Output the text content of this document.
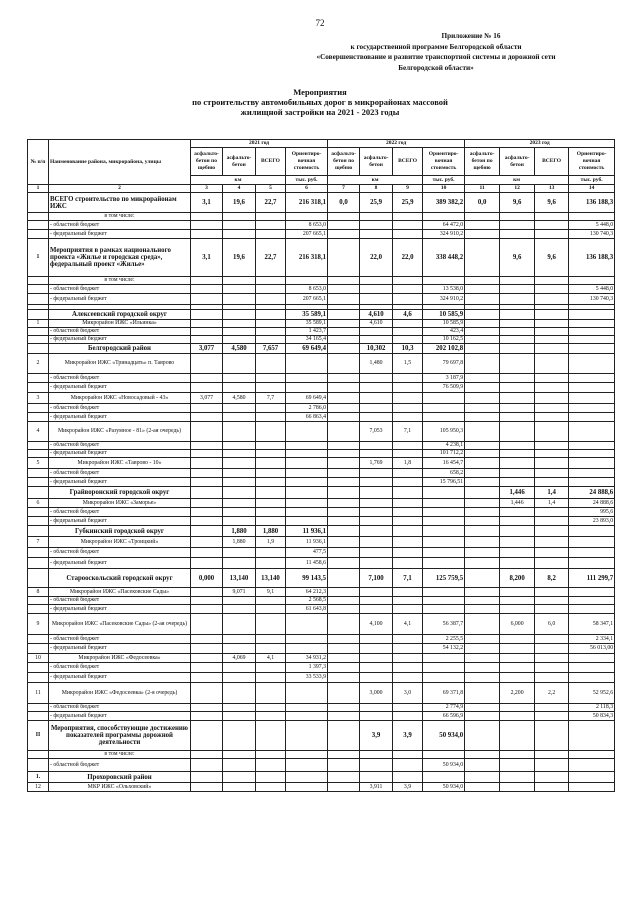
72
Приложение № 16
к государственной программе Белгородской области
«Совершенствование и развитие транспортной системы и дорожной сети
Белгородской области»
Мероприятия
по строительству автомобильных дорог в микрорайонах массовой
жилищной застройки на 2021 - 2023 годы
№ п/п	Наименование района, микрорайона, улицы	2021 год				2022 год				2023 год			
		асфальто-бетон по щебню	асфальто-бетон	ВСЕГО	Ориентиро-вочная стоимость	асфальто-бетон по щебню	асфальто-бетон	ВСЕГО	Ориентиро-вочная стоимость	асфальто-бетон по щебню	асфальто-бетон	ВСЕГО	Ориентиро-вочная стоимость
		км			тыс. руб.	км			тыс. руб.	км			тыс. руб.
1	2	3	4	5	6	7	8	9	10	11	12	13	14
	ВСЕГО строительство по микрорайонам ИЖС	3,1	19,6	22,7	216 318,1	0,0	25,9	25,9	389 382,2	0,0	9,6	9,6	136 188,3
	в том числе:												
	- областной бюджет				8 653,0				64 472,0				5 448,0
	- федеральный бюджет				207 665,1				324 910,2				130 740,3
1	Мероприятия в рамках национального проекта «Жилье и городская среда», федеральный проект «Жилье»	3,1	19,6	22,7	216 318,1		22,0	22,0	338 448,2		9,6	9,6	136 188,3
	в том числе:												
	- областной бюджет				8 653,0				13 538,0				5 448,0
	- федеральный бюджет				207 665,1				324 910,2				130 740,3

	Алексеевский городской округ				35 589,1		4,610	4,6	10 585,9				
1	Микрорайон ИЖС «Ильинка»				35 589,1		4,610		10 585,9				
	- областной бюджет				1 423,7				423,4				
	- федеральный бюджет				34 165,4				10 162,5				
	Белгородский район	3,077	4,580	7,657	69 649,4		10,302	10,3	202 102,8				
2	Микрорайон ИЖС «Тринадцать» п. Таврово						1,480	1,5	79 697,8				
	- областной бюджет								3 187,9				
	- федеральный бюджет								76 509,9				
3	Микрорайон ИЖС «Новосадовый - 43»	3,077	4,580	7,7	69 649,4								
	- областной бюджет				2 786,0								
	- федеральный бюджет				66 863,4								
4	Микрорайон ИЖС «Разумное - 81» (2-ая очередь)						7,053	7,1	105 950,3				
	- областной бюджет								4 238,1				
	- федеральный бюджет								101 712,2				
5	Микрорайон ИЖС «Таврово - 10»						1,769	1,8	16 454,7				
	- областной бюджет								658,2				
	- федеральный бюджет								15 796,51				
	Грайворонский городской округ										1,446	1,4	24 888,6
6	Микрорайон ИЖС «Заморье»										1,446	1,4	24 888,6
	- областной бюджет												995,6
	- федеральный бюджет												23 893,0
	Губкинский городской округ		1,880	1,880	11 936,1								
7	Микрорайон ИЖС «Троицкий»		1,880	1,9	11 936,1								
	- областной бюджет				477,5								
	- федеральный бюджет				11 458,6								
	Старооскольский городской округ	0,000	13,140	13,140	99 143,5		7,100	7,1	125 759,5		8,200	8,2	111 299,7
8	Микрорайон ИЖС «Пасековские Сады»		9,071	9,1	64 212,3								
	- областной бюджет				2 568,5								
	- федеральный бюджет				61 643,8								
9	Микрорайон ИЖС «Пасековские Сады» (2-ая очередь)						4,100	4,1	56 387,7		6,000	6,0	58 347,1
	- областной бюджет								2 255,5				2 334,1
	- федеральный бюджет								54 132,2				56 013,00
10	Микрорайон ИЖС «Федосеевка»		4,069	4,1	34 931,2								
	- областной бюджет				1 397,3								
	- федеральный бюджет				33 533,9								
11	Микрорайон ИЖС «Федосеевка» (2-я очередь)						3,000	3,0	69 371,8		2,200	2,2	52 952,6
	- областной бюджет								2 774,9				2 118,3
	- федеральный бюджет								66 596,9				50 834,3
II	Мероприятия, способствующие достижению показателей программы дорожной деятельности						3,9	3,9	50 934,0				
	в том числе:												
	- областной бюджет								50 934,0				
1.	Прохоровский район												
12	МКР ИЖС «Ольховский»						3,911	3,9	50 934,0				
